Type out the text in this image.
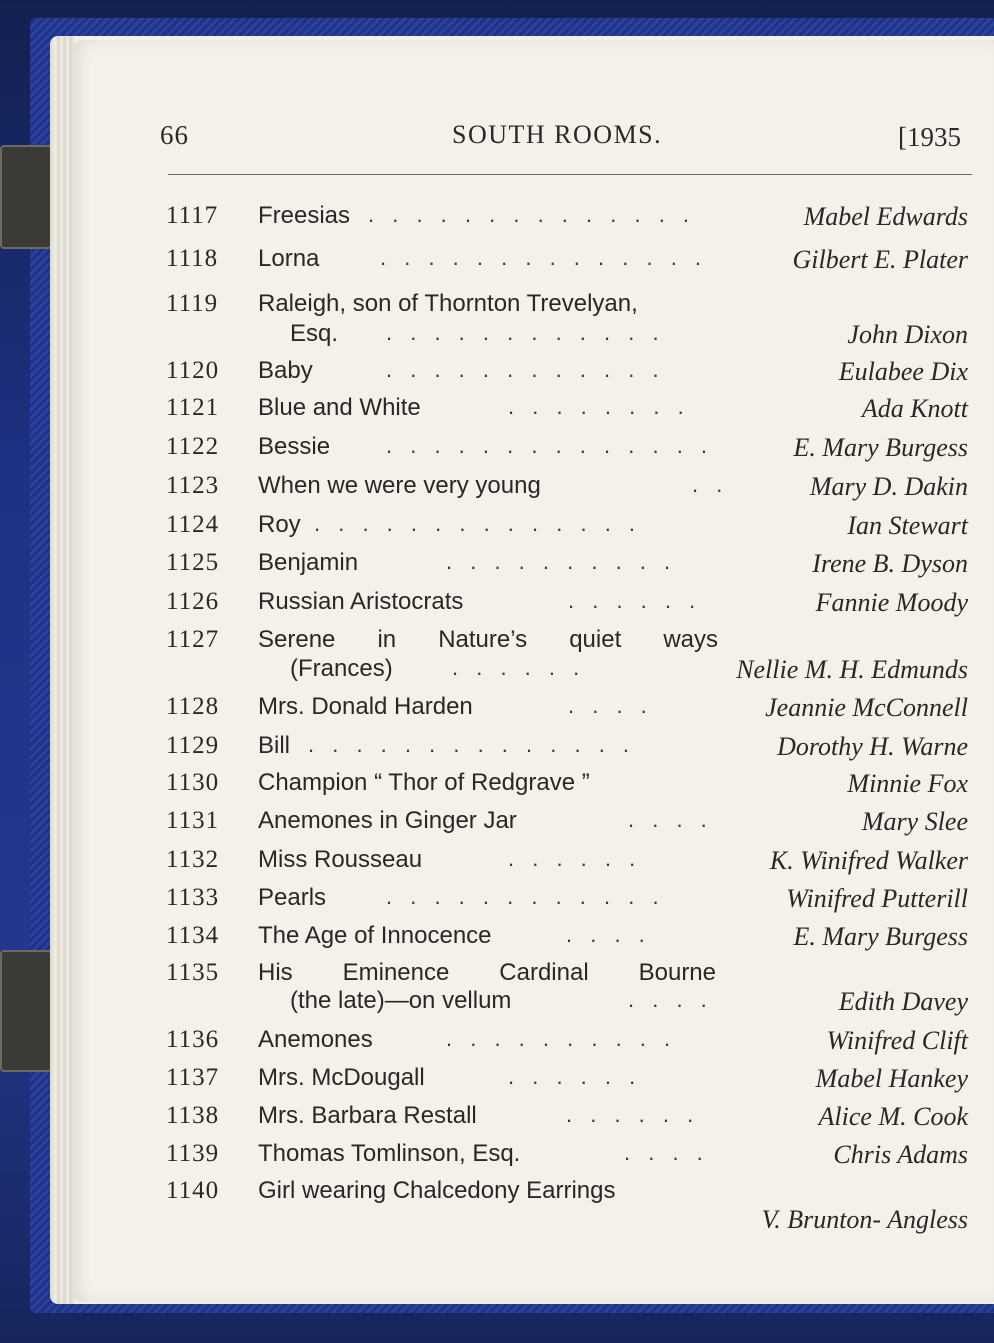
66	SOUTH ROOMS.	[1935
1117 Freesias . . . . . . . . . . . . . .	Mabel Edwards
1118 Lorna	. . . . . . . . . . . . . .	Gilbert E. Plater
1119 Raleigh, son of Thornton Trevelyan,
Esq. . . . . . . . . . . . .	John Dixon
1120 Baby	. . . . . . . . . . . .	Eulabee Dix
1121 Blue and White	. . . . . . . .	Ada Knott
1122 Bessie	. . . . . . . . . . . . . .	E. Mary Burgess
1123 When we were very young	. .	Mary D. Dakin
1124 Roy . . . . . . . . . . . . . .	Ian Stewart
1125 Benjamin	. . . . . . . . . .	Irene B. Dyson
1126 Russian Aristocrats	. . . . . .	Fannie Moody
1127 Serene in Nature’s quiet ways
(Frances)	. . . . . .	Nellie M. H. Edmunds
1128 Mrs. Donald Harden	. . . .	Jeannie McConnell
1129 Bill . . . . . . . . . . . . . .	Dorothy H. Warne
1130 Champion “ Thor of Redgrave ”	Minnie Fox
1131 Anemones in Ginger Jar	. . . .	Mary Slee
1132 Miss Rousseau	. . . . . .	K. Winifred Walker
1133 Pearls	. . . . . . . . . . . .	Winifred Putterill
1134 The Age of Innocence	. . . .	E. Mary Burgess
1135 His Eminence Cardinal Bourne
(the late)—on vellum	. . . .	Edith Davey
1136 Anemones	. . . . . . . . . .	Winifred Clift
1137 Mrs. McDougall	. . . . . .	Mabel Hankey
1138 Mrs. Barbara Restall	. . . . . .	Alice M. Cook
1139 Thomas Tomlinson, Esq.	. . . .	Chris Adams
1140 Girl wearing Chalcedony Earrings
V. Brunton- Angless
